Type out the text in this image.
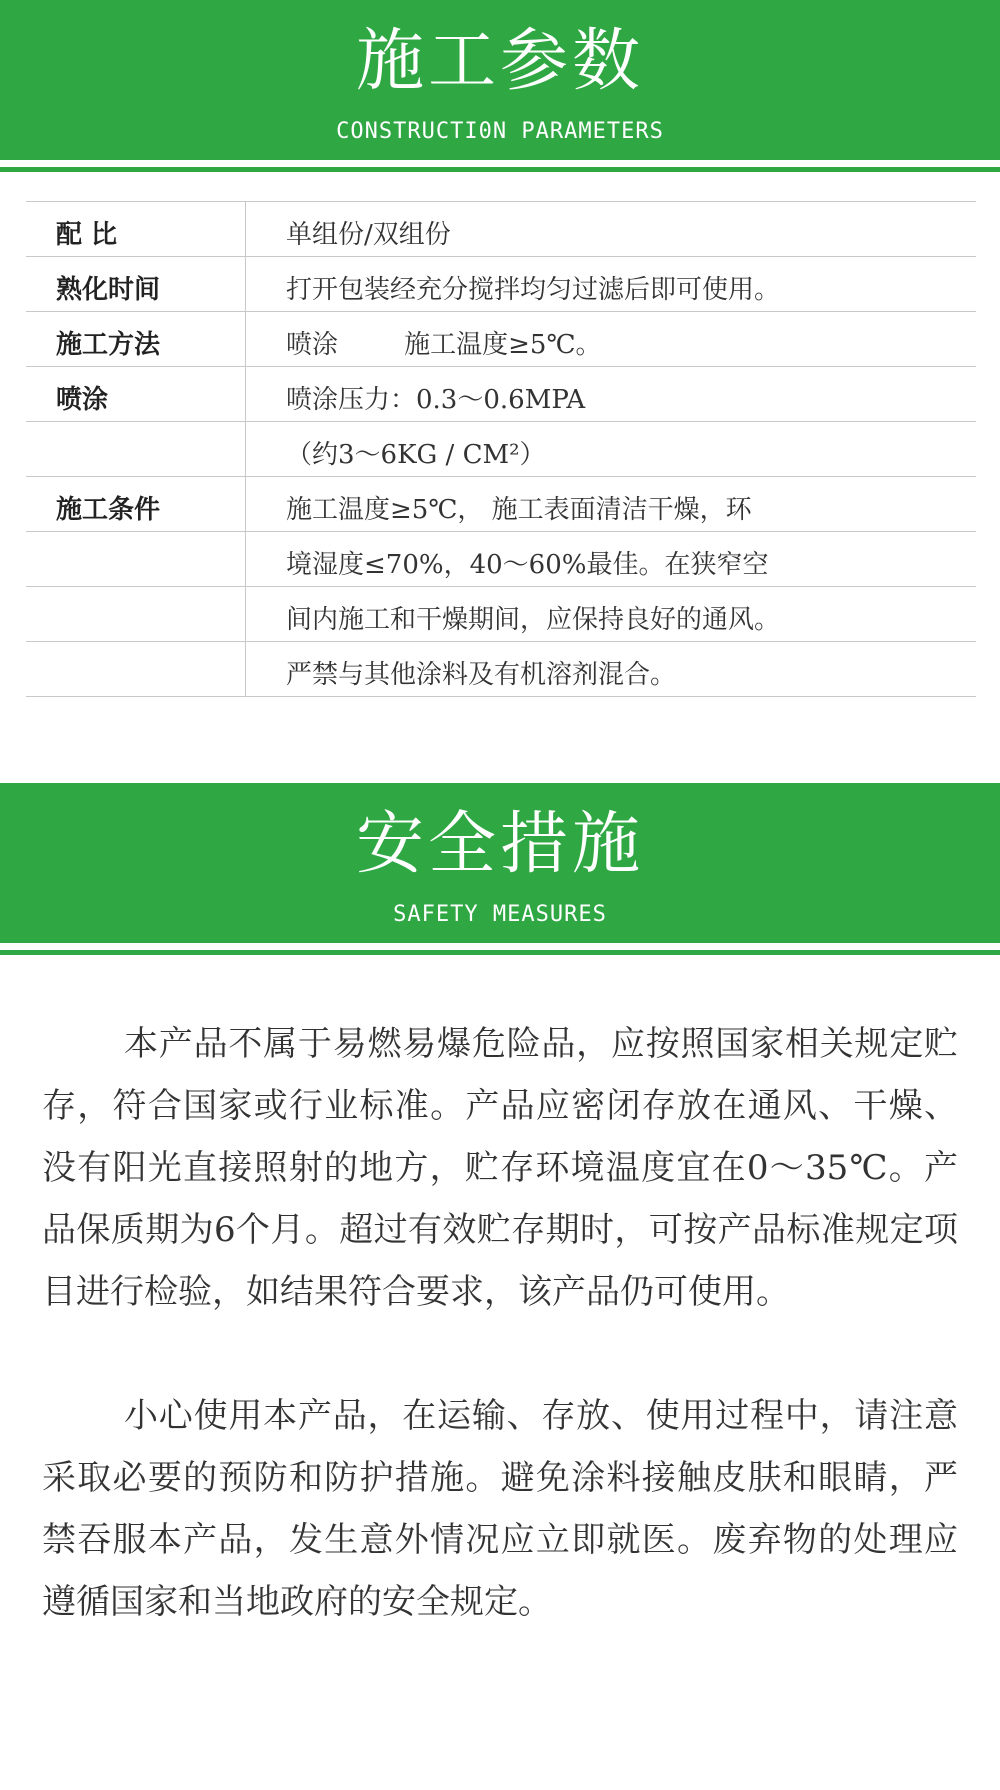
施工参数
CONSTRUCTI0N PARAMETERS
配 比	单组份/双组份
熟化时间	打开包装经充分搅拌均匀过滤后即可使用。
施工方法	喷涂        施工温度≥5℃。
喷涂	喷涂压力：0.3～0.6MPA
（约3～6KG / CM²）
施工条件	施工温度≥5℃， 施工表面清洁干燥，环
境湿度≤70%，40～60%最佳。在狭窄空
间内施工和干燥期间，应保持良好的通风。
严禁与其他涂料及有机溶剂混合。
安全措施
SAFETY MEASURES

本产品不属于易燃易爆危险品，应按照国家相关规定贮存，符合国家或行业标准。产品应密闭存放在通风、干燥、没有阳光直接照射的地方，贮存环境温度宜在0～35℃。产品保质期为6个月。超过有效贮存期时，可按产品标准规定项目进行检验，如结果符合要求，该产品仍可使用。

小心使用本产品，在运输、存放、使用过程中，请注意采取必要的预防和防护措施。避免涂料接触皮肤和眼睛，严禁吞服本产品，发生意外情况应立即就医。废弃物的处理应遵循国家和当地政府的安全规定。
